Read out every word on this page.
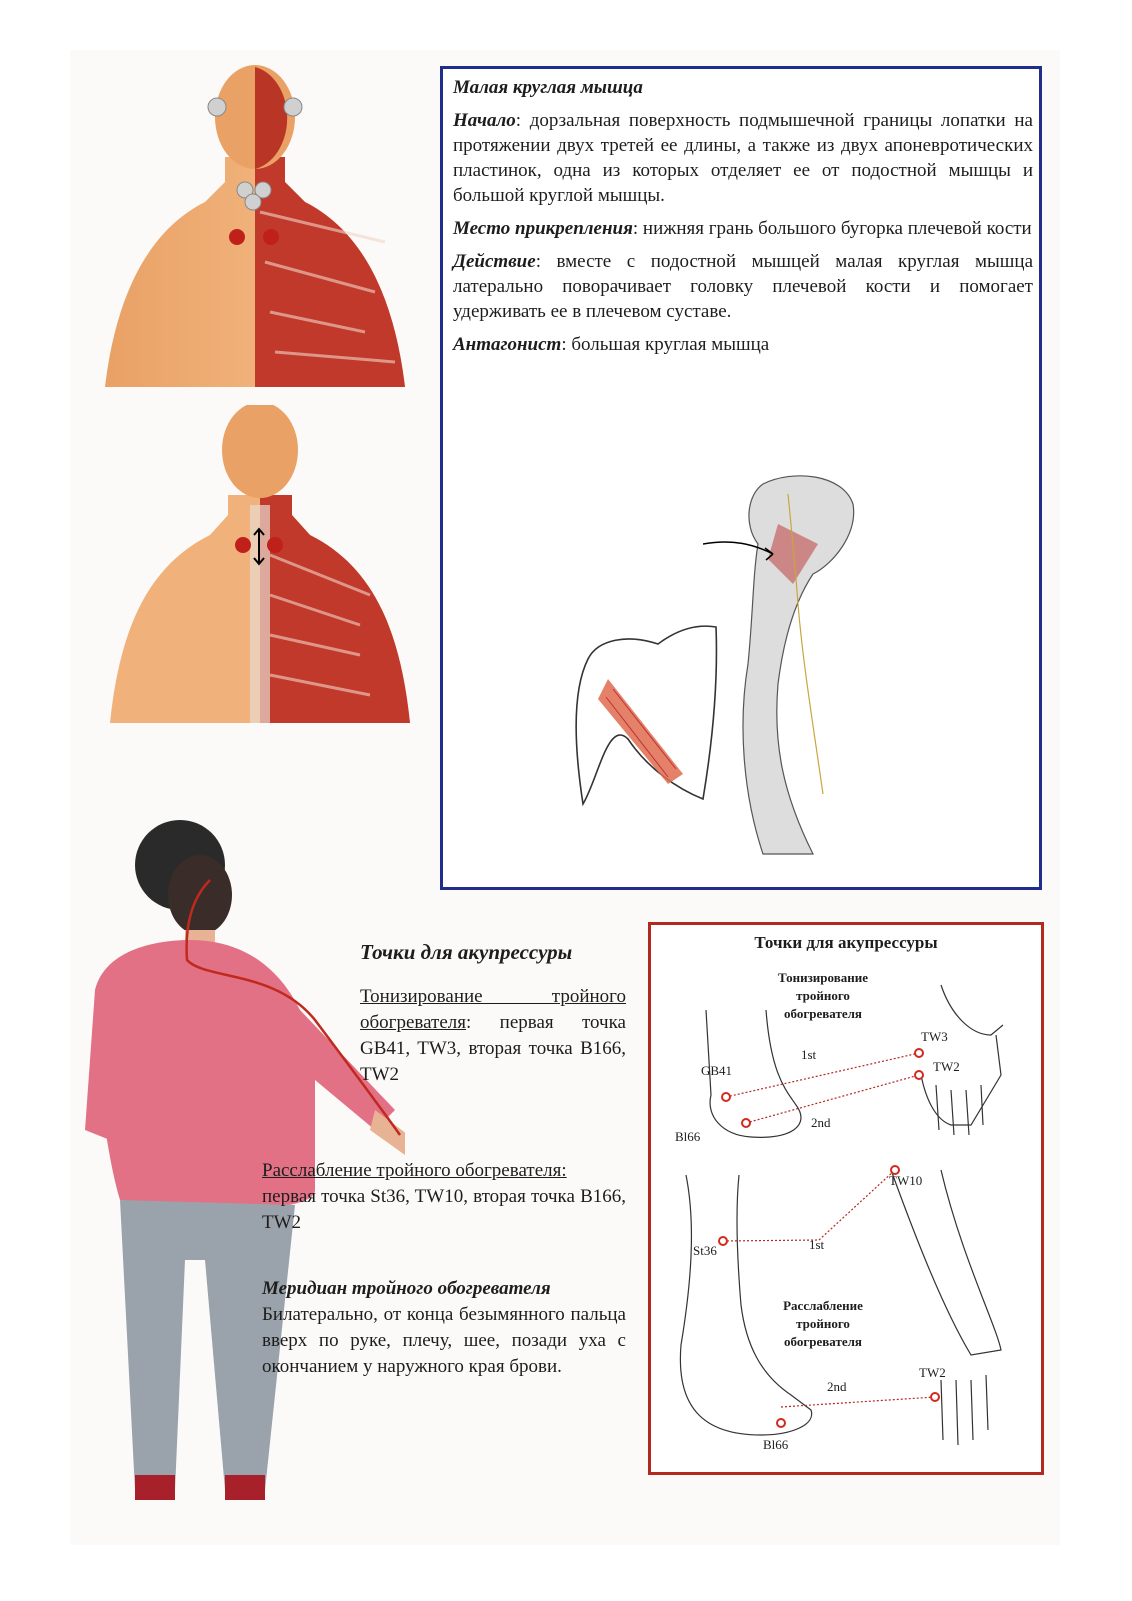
Малая круглая мышца

Начало: дорзальная поверхность подмышечной границы лопатки на протяжении двух третей ее длины, а также из двух апоневротических пластинок, одна из которых отделяет ее от подостной мышцы и большой круглой мышцы.

Место прикрепления: нижняя грань большого бугорка плечевой кости

Действие: вместе с подостной мышцей малая круглая мышца латерально поворачивает головку плечевой кости и помогает удерживать ее в плечевом суставе.

Антагонист: большая круглая мышца

Точки для акупрессуры
Тонизирование тройного обогревателя: первая точка GB41, TW3, вторая точка B166, TW2
Расслабление тройного обогревателя:
первая точка St36, TW10, вторая точка B166, TW2
Меридиан тройного обогревателя
Билатерально, от конца безымянного пальца вверх по руке, плечу, шее, позади уха с окончанием у наружного края брови.
Точки для акупрессуры
Тонизирование тройного обогревателя
Расслабление тройного обогревателя
GB41
TW3
TW2
Bl66
1st
2nd
TW10
St36	1st
2nd
TW2
Bl66
